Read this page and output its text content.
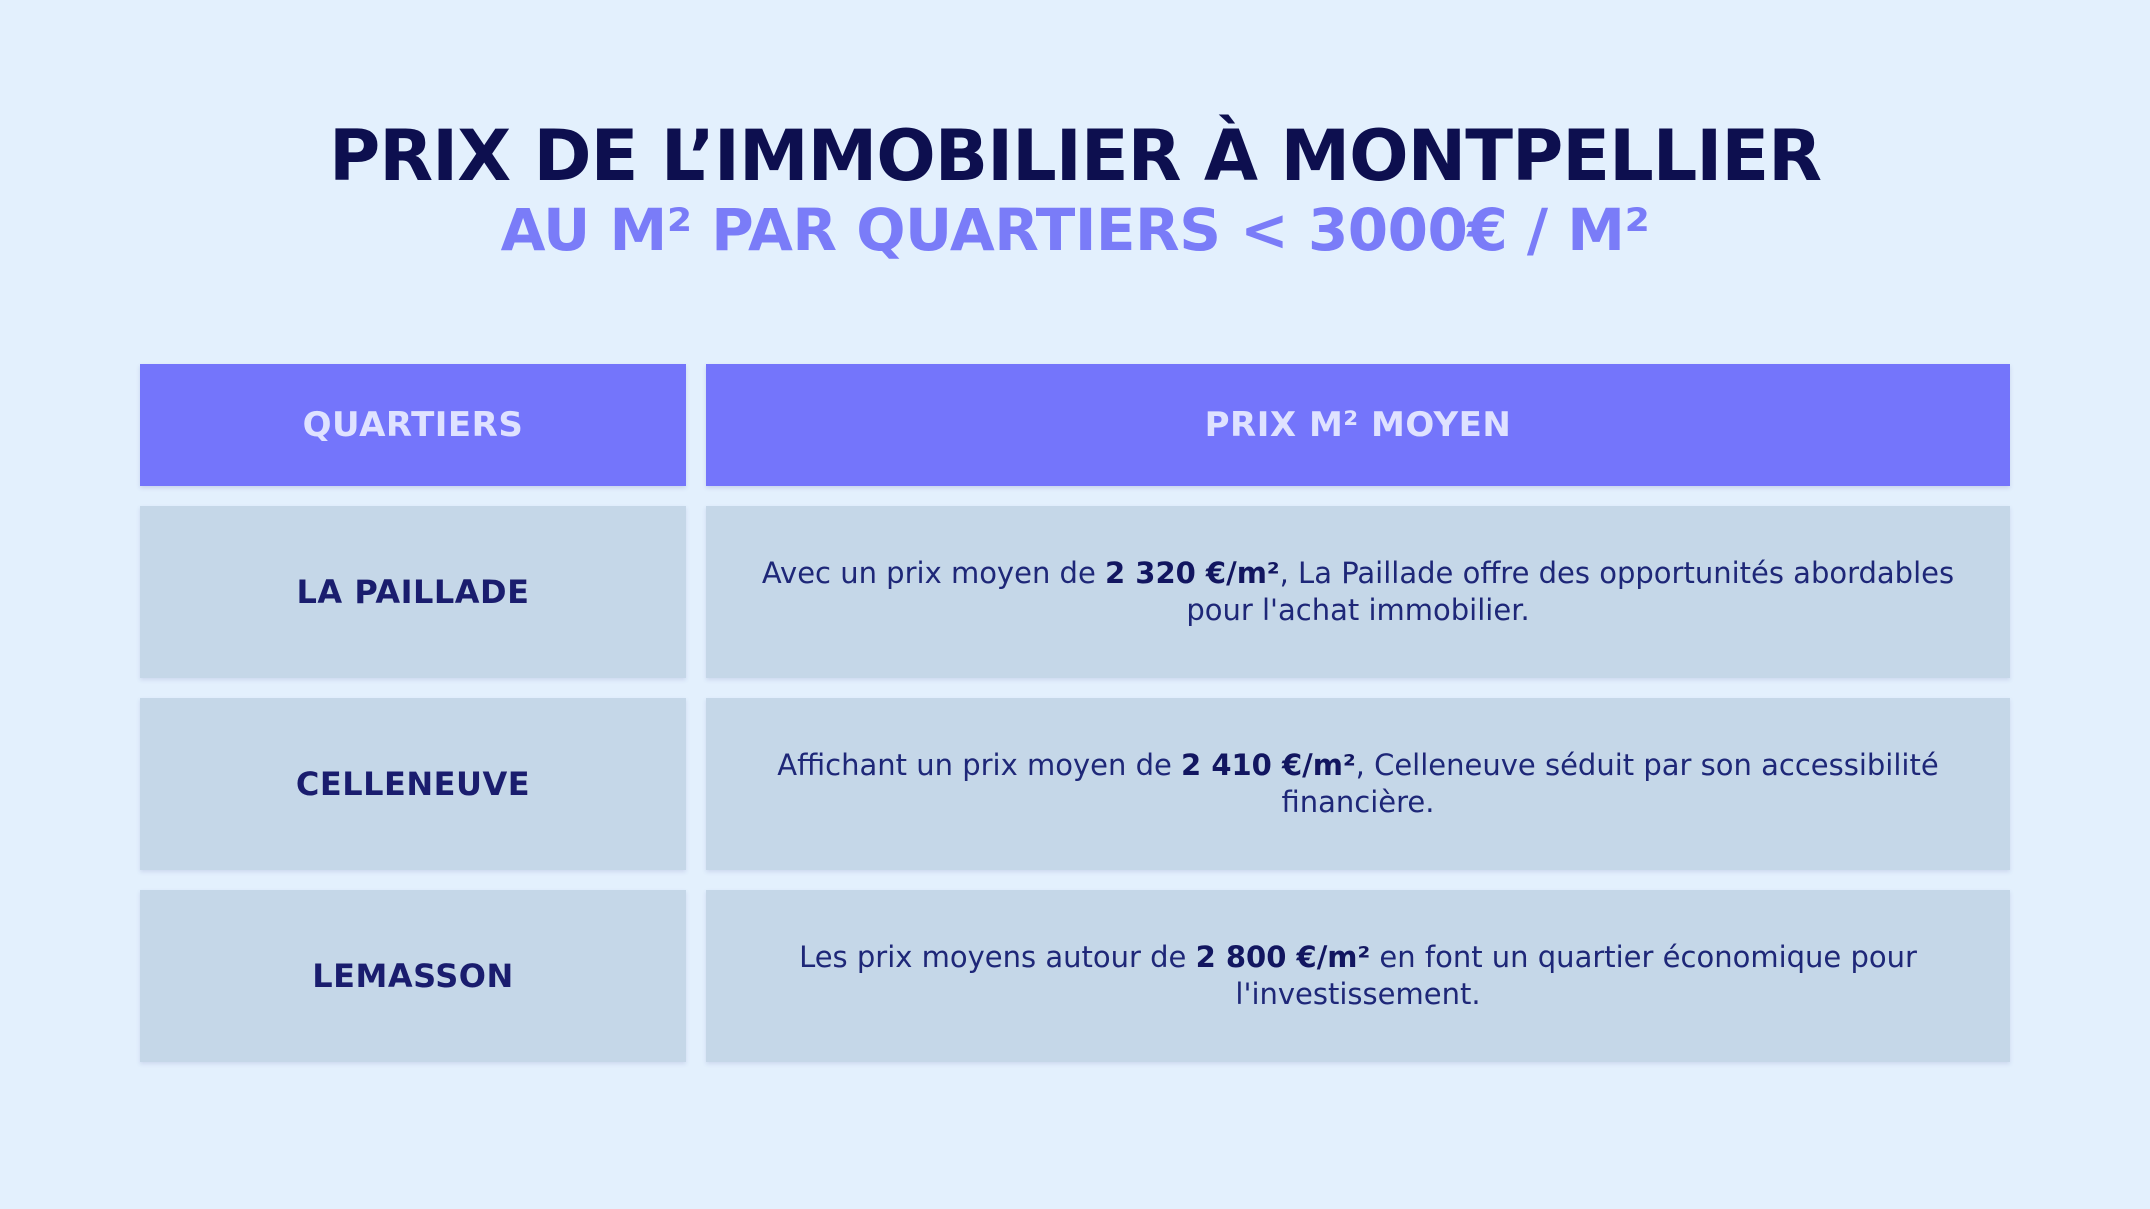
PRIX DE L’IMMOBILIER À MONTPELLIER
AU M² PAR QUARTIERS < 3000€ / M²
QUARTIERS	PRIX M² MOYEN
LA PAILLADE	Avec un prix moyen de 2 320 €/m², La Paillade offre des opportunités abordables pour l'achat immobilier.
CELLENEUVE	Affichant un prix moyen de 2 410 €/m², Celleneuve séduit par son accessibilité financière.
LEMASSON	Les prix moyens autour de 2 800 €/m² en font un quartier économique pour l'investissement.
